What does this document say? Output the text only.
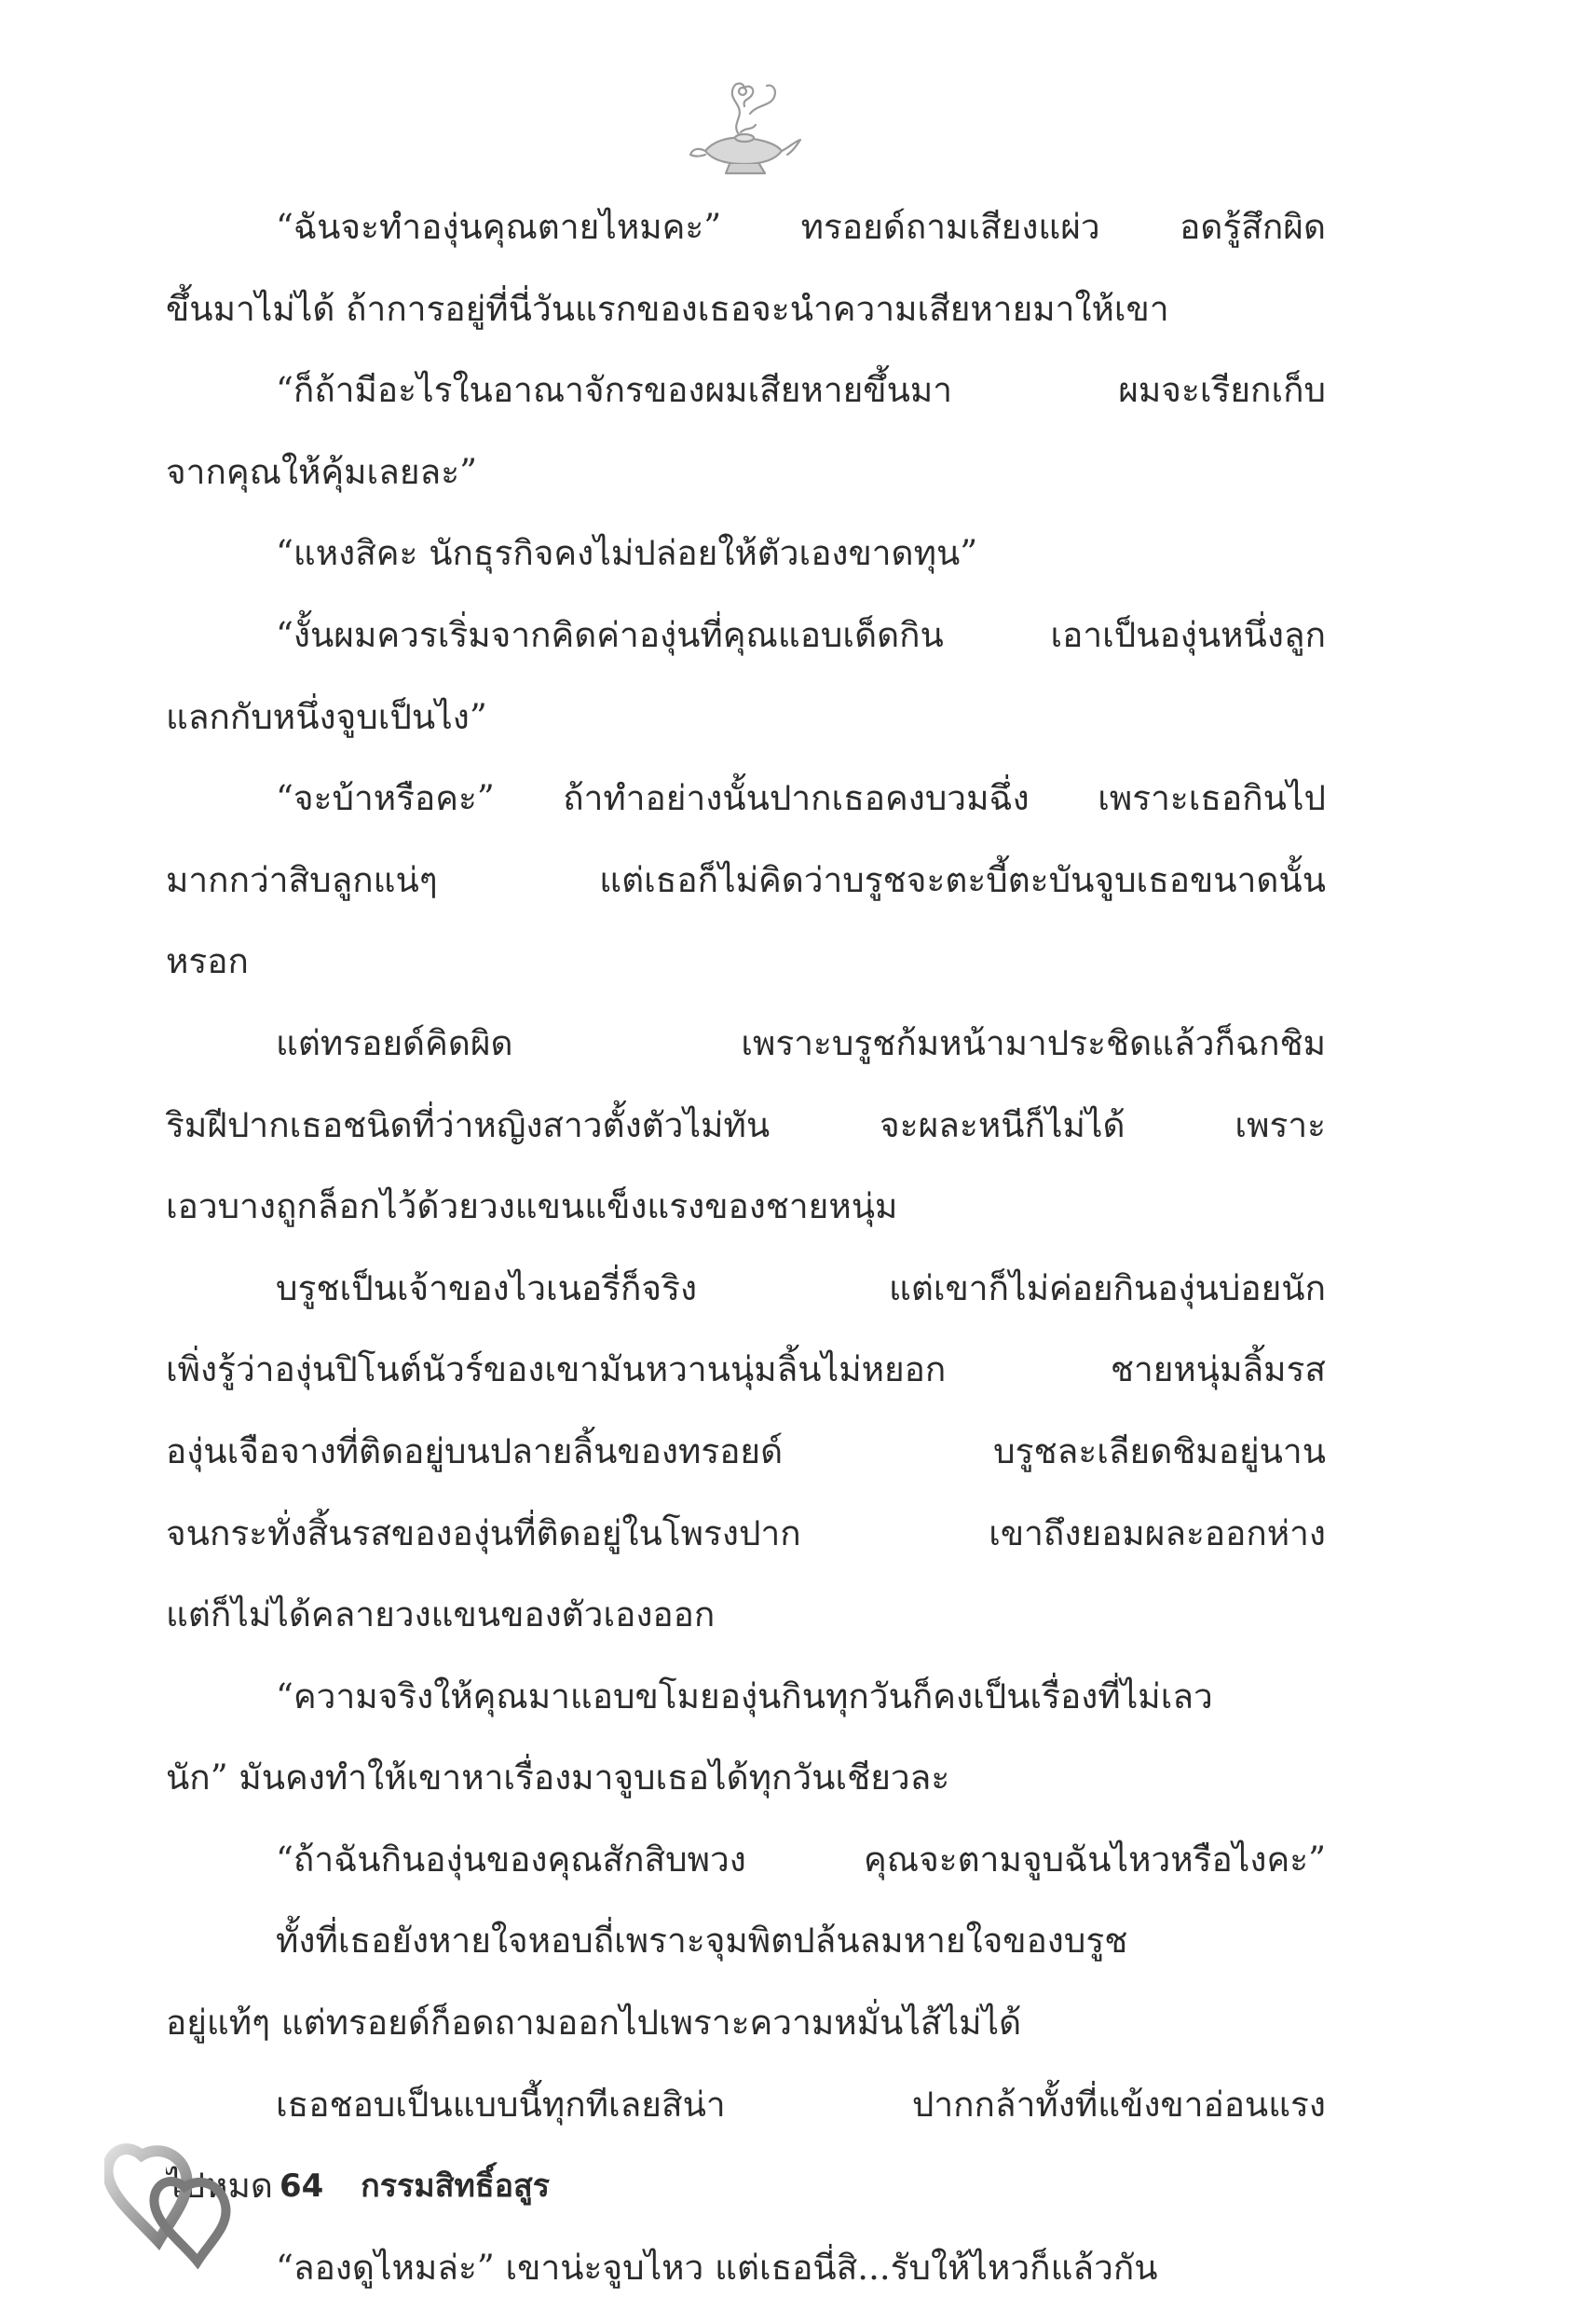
“ฉันจะทำองุ่นคุณตายไหมคะ” ทรอยด์ถามเสียงแผ่ว อดรู้สึกผิด
ขึ้นมาไม่ได้ ถ้าการอยู่ที่นี่วันแรกของเธอจะนำความเสียหายมาให้เขา
“ก็ถ้ามีอะไรในอาณาจักรของผมเสียหายขึ้นมา ผมจะเรียกเก็บ
จากคุณให้คุ้มเลยละ”
“แหงสิคะ นักธุรกิจคงไม่ปล่อยให้ตัวเองขาดทุน”
“งั้นผมควรเริ่มจากคิดค่าองุ่นที่คุณแอบเด็ดกิน เอาเป็นองุ่นหนึ่งลูก
แลกกับหนึ่งจูบเป็นไง”
“จะบ้าหรือคะ” ถ้าทำอย่างนั้นปากเธอคงบวมฉึ่ง เพราะเธอกินไป
มากกว่าสิบลูกแน่ๆ แต่เธอก็ไม่คิดว่าบรูชจะตะบี้ตะบันจูบเธอขนาดนั้น
หรอก
แต่ทรอยด์คิดผิด เพราะบรูชก้มหน้ามาประชิดแล้วก็ฉกชิม
ริมฝีปากเธอชนิดที่ว่าหญิงสาวตั้งตัวไม่ทัน จะผละหนีก็ไม่ได้ เพราะ
เอวบางถูกล็อกไว้ด้วยวงแขนแข็งแรงของชายหนุ่ม
บรูชเป็นเจ้าของไวเนอรี่ก็จริง แต่เขาก็ไม่ค่อยกินองุ่นบ่อยนัก
เพิ่งรู้ว่าองุ่นปิโนต์นัวร์ของเขามันหวานนุ่มลิ้นไม่หยอก ชายหนุ่มลิ้มรส
องุ่นเจือจางที่ติดอยู่บนปลายลิ้นของทรอยด์ บรูชละเลียดชิมอยู่นาน
จนกระทั่งสิ้นรสขององุ่นที่ติดอยู่ในโพรงปาก เขาถึงยอมผละออกห่าง
แต่ก็ไม่ได้คลายวงแขนของตัวเองออก
“ความจริงให้คุณมาแอบขโมยองุ่นกินทุกวันก็คงเป็นเรื่องที่ไม่เลว
นัก” มันคงทำให้เขาหาเรื่องมาจูบเธอได้ทุกวันเชียวละ
“ถ้าฉันกินองุ่นของคุณสักสิบพวง คุณจะตามจูบฉันไหวหรือไงคะ”
ทั้งที่เธอยังหายใจหอบถี่เพราะจุมพิตปล้นลมหายใจของบรูช
อยู่แท้ๆ แต่ทรอยด์ก็อดถามออกไปเพราะความหมั่นไส้ไม่ได้
เธอชอบเป็นแบบนี้ทุกทีเลยสิน่า ปากกล้าทั้งที่แข้งขาอ่อนแรง
ไปหมด
“ลองดูไหมล่ะ” เขาน่ะจูบไหว แต่เธอนี่สิ...รับให้ไหวก็แล้วกัน
64 กรรมสิทธิ์อสูร
